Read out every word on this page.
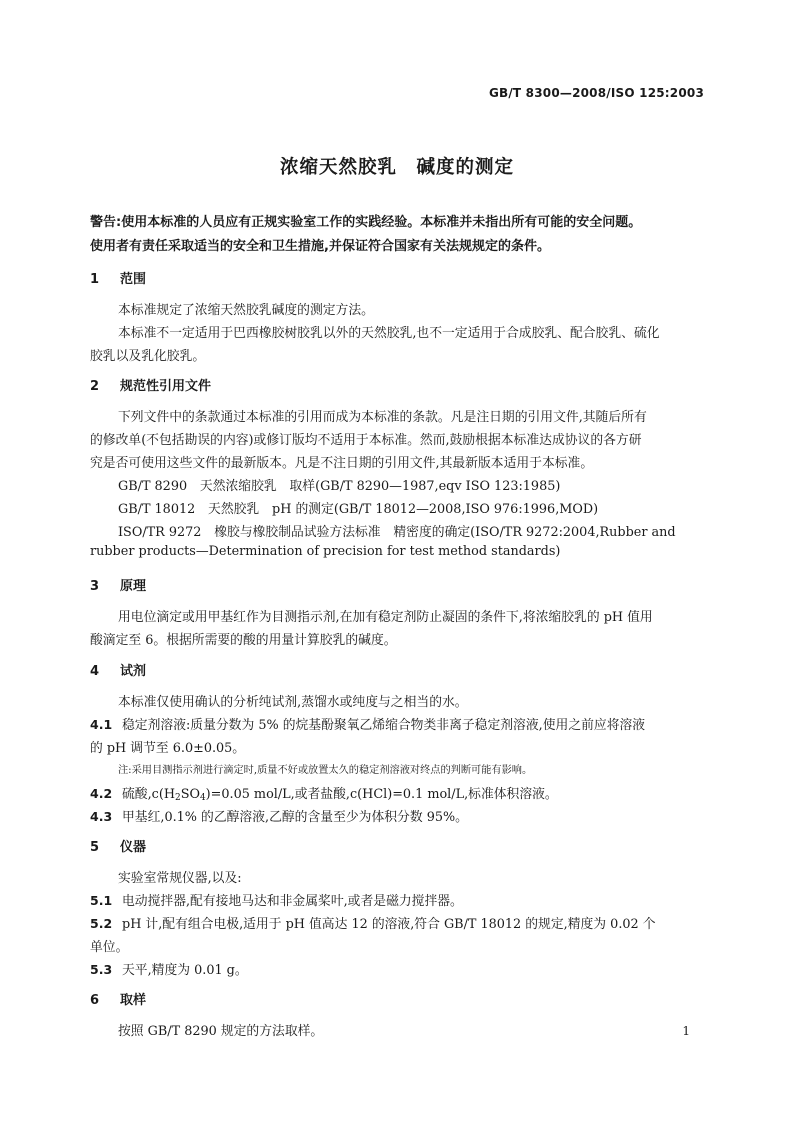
GB/T 8300—2008/ISO 125:2003
浓缩天然胶乳　碱度的测定
警告:使用本标准的人员应有正规实验室工作的实践经验。本标准并未指出所有可能的安全问题。
使用者有责任采取适当的安全和卫生措施,并保证符合国家有关法规规定的条件。
1 范围
本标准规定了浓缩天然胶乳碱度的测定方法。
本标准不一定适用于巴西橡胶树胶乳以外的天然胶乳,也不一定适用于合成胶乳、配合胶乳、硫化
胶乳以及乳化胶乳。
2 规范性引用文件
下列文件中的条款通过本标准的引用而成为本标准的条款。凡是注日期的引用文件,其随后所有
的修改单(不包括勘误的内容)或修订版均不适用于本标准。然而,鼓励根据本标准达成协议的各方研
究是否可使用这些文件的最新版本。凡是不注日期的引用文件,其最新版本适用于本标准。
GB/T 8290　天然浓缩胶乳　取样(GB/T 8290—1987,eqv ISO 123:1985)
GB/T 18012　天然胶乳　pH 的测定(GB/T 18012—2008,ISO 976:1996,MOD)
ISO/TR 9272　橡胶与橡胶制品试验方法标准　精密度的确定(ISO/TR 9272:2004,Rubber and
rubber products—Determination of precision for test method standards)
3 原理
用电位滴定或用甲基红作为目测指示剂,在加有稳定剂防止凝固的条件下,将浓缩胶乳的 pH 值用
酸滴定至 6。根据所需要的酸的用量计算胶乳的碱度。
4 试剂
本标准仅使用确认的分析纯试剂,蒸馏水或纯度与之相当的水。
4.1 稳定剂溶液:质量分数为 5% 的烷基酚聚氧乙烯缩合物类非离子稳定剂溶液,使用之前应将溶液
的 pH 调节至 6.0±0.05。
注:采用目测指示剂进行滴定时,质量不好或放置太久的稳定剂溶液对终点的判断可能有影响。
4.2 硫酸$,c(H_2SO_4)=0.05$ mol/L,或者盐酸,c(HCl)=0.1 mol/L,标准体积溶液。
4.3 甲基红,0.1% 的乙醇溶液,乙醇的含量至少为体积分数 95%。
5 仪器
实验室常规仪器,以及:
5.1 电动搅拌器,配有接地马达和非金属桨叶,或者是磁力搅拌器。
5.2 pH 计,配有组合电极,适用于 pH 值高达 12 的溶液,符合 GB/T 18012 的规定,精度为 0.02 个
单位。
5.3 天平,精度为 0.01 g。
6 取样
按照 GB/T 8290 规定的方法取样。	1
